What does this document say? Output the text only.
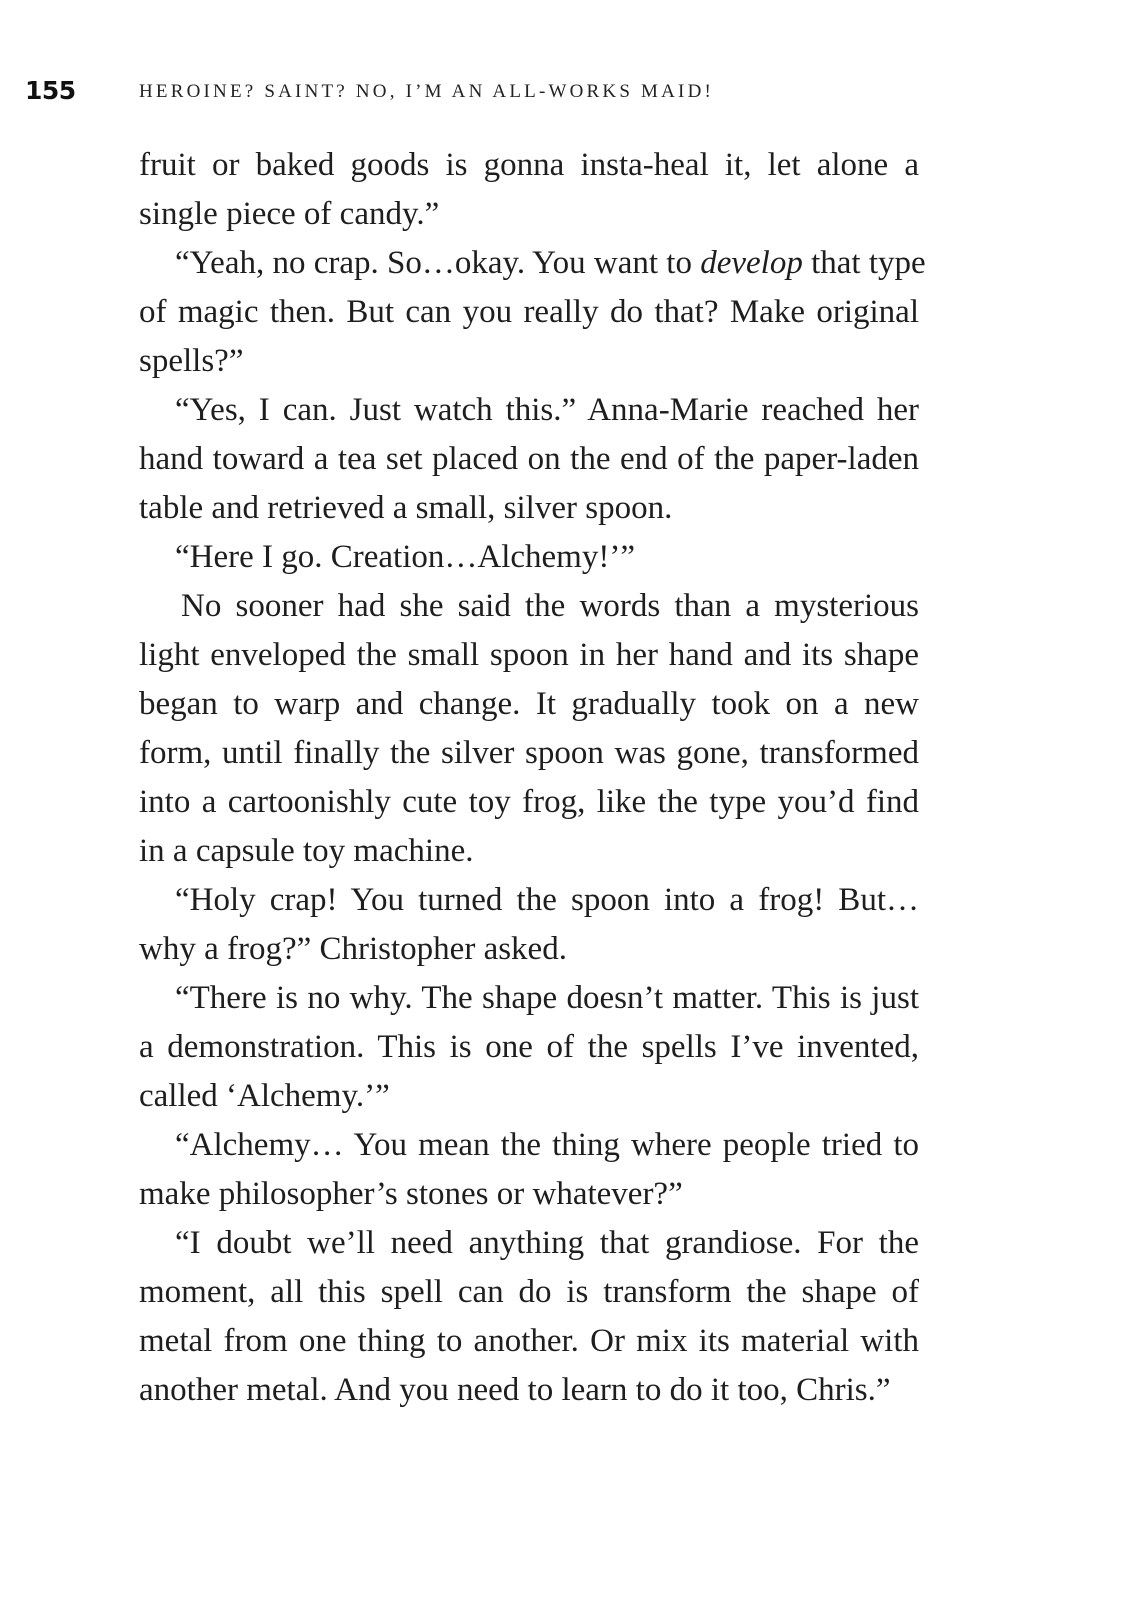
155	HEROINE? SAINT? NO, I’M AN ALL-WORKS MAID!
fruit or baked goods is gonna insta-heal it, let alone a
single piece of candy.”
“Yeah, no crap. So…okay. You want to develop that type
of magic then. But can you really do that? Make original
spells?”
“Yes, I can. Just watch this.” Anna-Marie reached her
hand toward a tea set placed on the end of the paper-laden
table and retrieved a small, silver spoon.
“Here I go. Creation…Alchemy!’”
No sooner had she said the words than a mysterious
light enveloped the small spoon in her hand and its shape
began to warp and change. It gradually took on a new
form, until finally the silver spoon was gone, transformed
into a cartoonishly cute toy frog, like the type you’d find
in a capsule toy machine.
“Holy crap! You turned the spoon into a frog! But…
why a frog?” Christopher asked.
“There is no why. The shape doesn’t matter. This is just
a demonstration. This is one of the spells I’ve invented,
called ‘Alchemy.’”
“Alchemy… You mean the thing where people tried to
make philosopher’s stones or whatever?”
“I doubt we’ll need anything that grandiose. For the
moment, all this spell can do is transform the shape of
metal from one thing to another. Or mix its material with
another metal. And you need to learn to do it too, Chris.”
